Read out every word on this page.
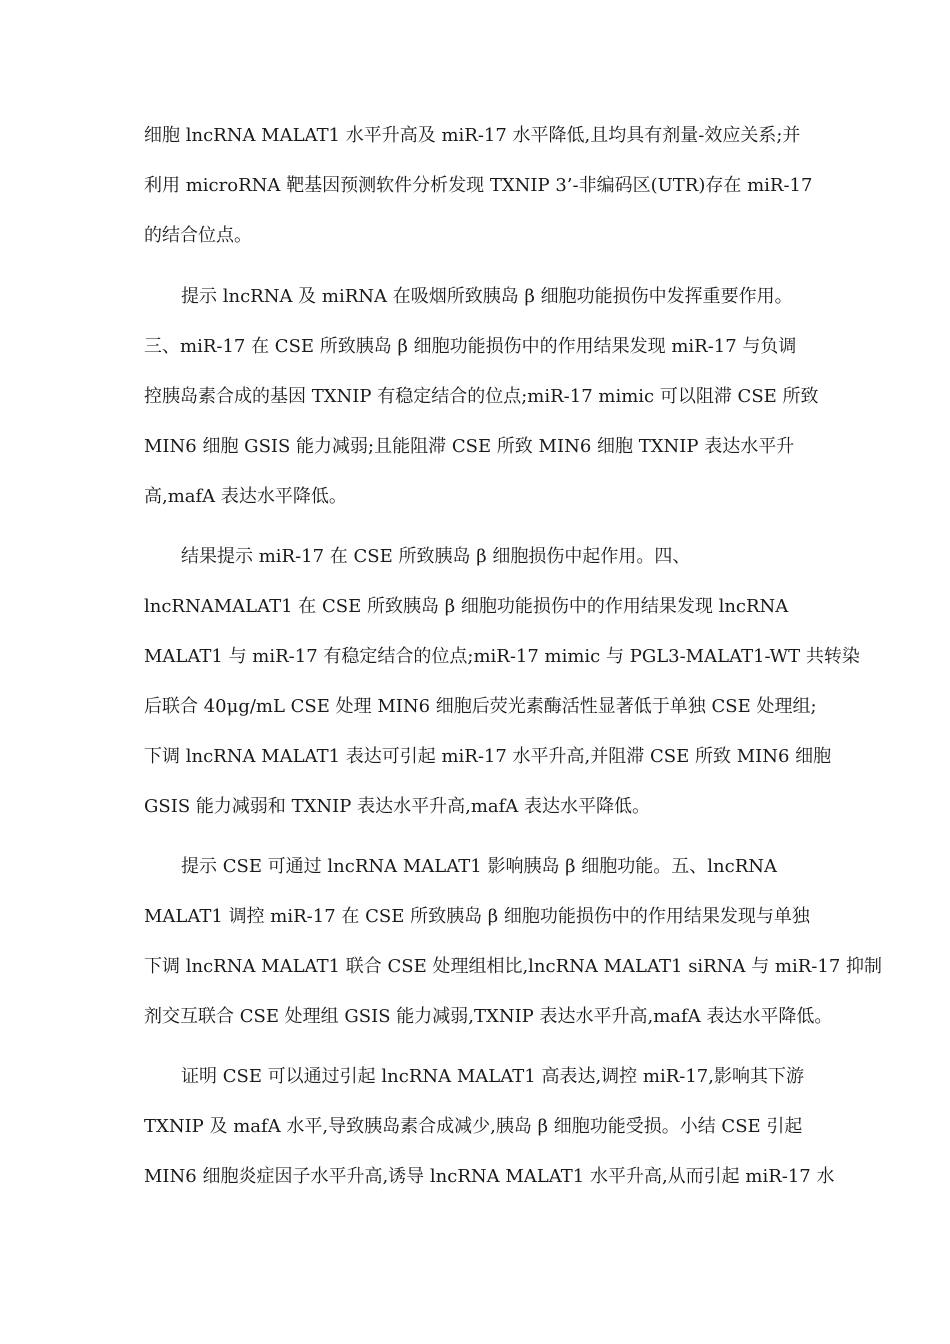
细胞 lncRNA MALAT1 水平升高及 miR-17 水平降低,且均具有剂量-效应关系;并
利用 microRNA 靶基因预测软件分析发现 TXNIP 3’-非编码区(UTR)存在 miR-17
的结合位点。
提示 lncRNA 及 miRNA 在吸烟所致胰岛 β 细胞功能损伤中发挥重要作用。
三、miR-17 在 CSE 所致胰岛 β 细胞功能损伤中的作用结果发现 miR-17 与负调
控胰岛素合成的基因 TXNIP 有稳定结合的位点;miR-17 mimic 可以阻滞 CSE 所致
MIN6 细胞 GSIS 能力减弱;且能阻滞 CSE 所致 MIN6 细胞 TXNIP 表达水平升
高,mafA 表达水平降低。
结果提示 miR-17 在 CSE 所致胰岛 β 细胞损伤中起作用。四、
lncRNAMALAT1 在 CSE 所致胰岛 β 细胞功能损伤中的作用结果发现 lncRNA
MALAT1 与 miR-17 有稳定结合的位点;miR-17 mimic 与 PGL3-MALAT1-WT 共转染
后联合 40μg/mL CSE 处理 MIN6 细胞后荧光素酶活性显著低于单独 CSE 处理组;
下调 lncRNA MALAT1 表达可引起 miR-17 水平升高,并阻滞 CSE 所致 MIN6 细胞
GSIS 能力减弱和 TXNIP 表达水平升高,mafA 表达水平降低。
提示 CSE 可通过 lncRNA MALAT1 影响胰岛 β 细胞功能。五、lncRNA
MALAT1 调控 miR-17 在 CSE 所致胰岛 β 细胞功能损伤中的作用结果发现与单独
下调 lncRNA MALAT1 联合 CSE 处理组相比,lncRNA MALAT1 siRNA 与 miR-17 抑制
剂交互联合 CSE 处理组 GSIS 能力减弱,TXNIP 表达水平升高,mafA 表达水平降低。
证明 CSE 可以通过引起 lncRNA MALAT1 高表达,调控 miR-17,影响其下游
TXNIP 及 mafA 水平,导致胰岛素合成减少,胰岛 β 细胞功能受损。小结 CSE 引起
MIN6 细胞炎症因子水平升高,诱导 lncRNA MALAT1 水平升高,从而引起 miR-17 水
